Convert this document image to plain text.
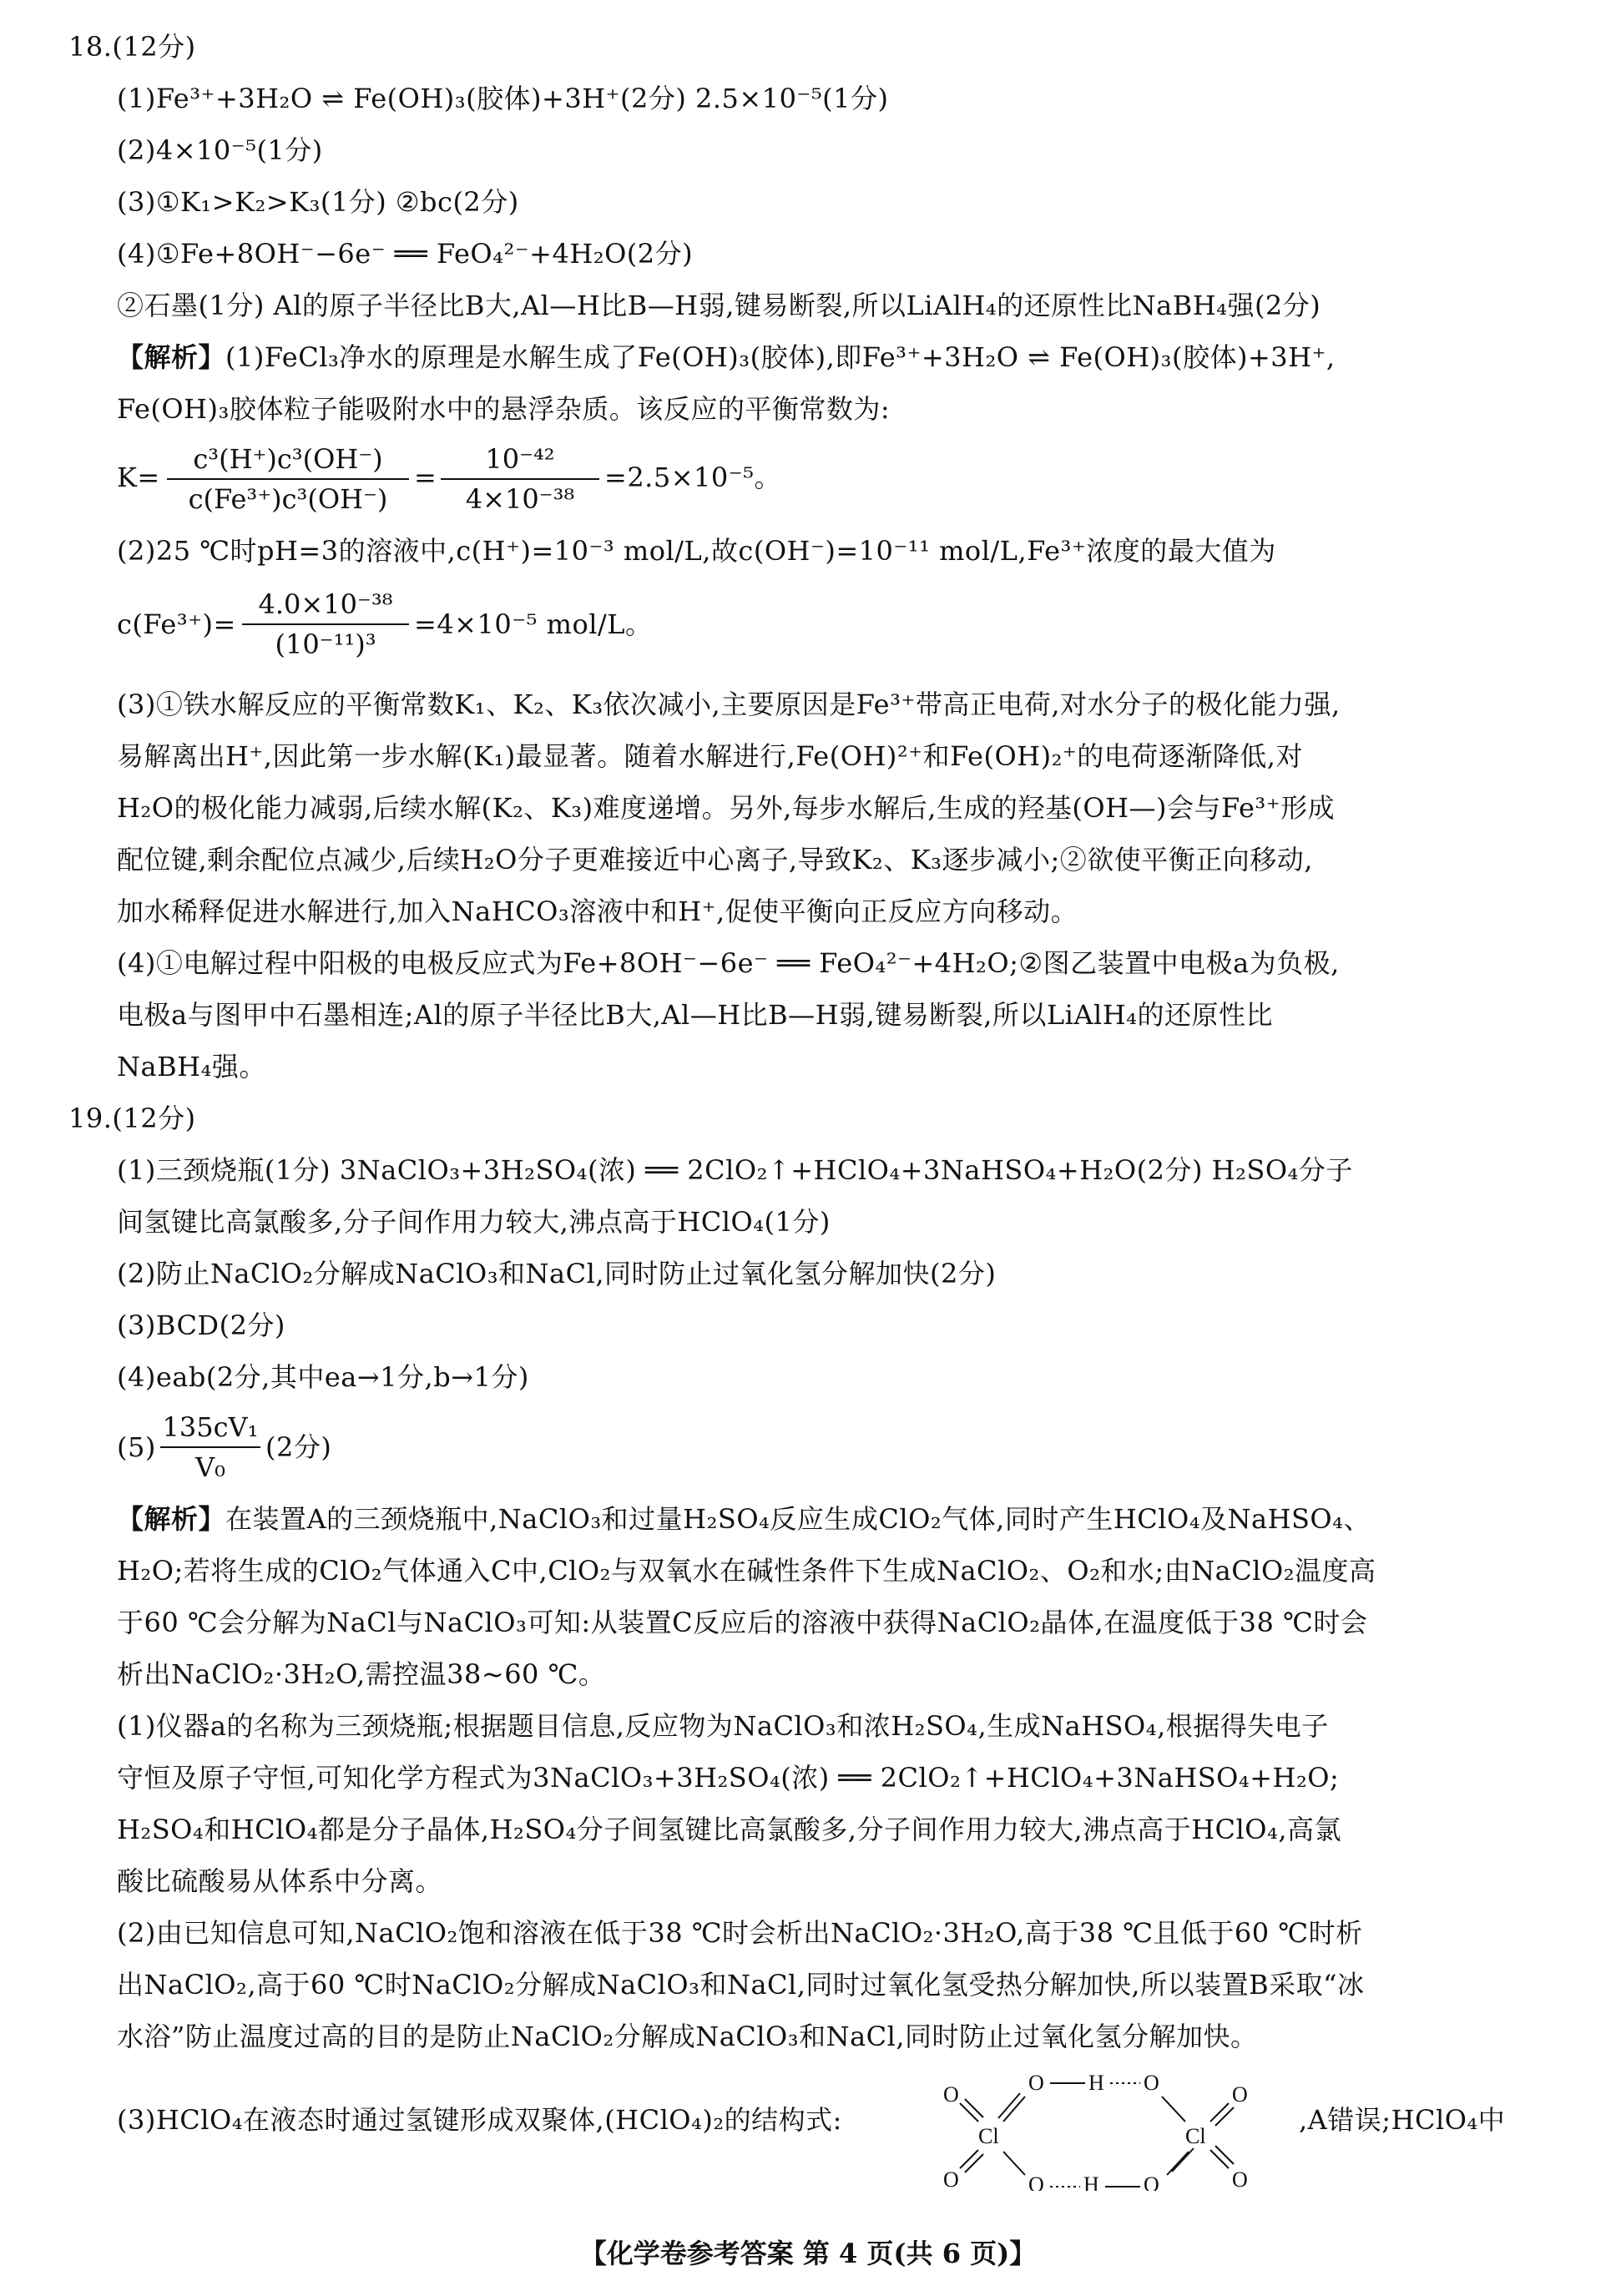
18.(12分)
(1)Fe³⁺+3H₂O ⇌ Fe(OH)₃(胶体)+3H⁺(2分) 2.5×10⁻⁵(1分)
(2)4×10⁻⁵(1分)
(3)①K₁>K₂>K₃(1分) ②bc(2分)
(4)①Fe+8OH⁻−6e⁻ ══ FeO₄²⁻+4H₂O(2分)
②石墨(1分) Al的原子半径比B大,Al—H比B—H弱,键易断裂,所以LiAlH₄的还原性比NaBH₄强(2分)
【解析】(1)FeCl₃净水的原理是水解生成了Fe(OH)₃(胶体),即Fe³⁺+3H₂O ⇌ Fe(OH)₃(胶体)+3H⁺,
Fe(OH)₃胶体粒子能吸附水中的悬浮杂质。该反应的平衡常数为:
K=
c³(H⁺)c³(OH⁻)
c(Fe³⁺)c³(OH⁻)
=
10⁻⁴²
4×10⁻³⁸
=2.5×10⁻⁵。
(2)25 ℃时pH=3的溶液中,c(H⁺)=10⁻³ mol/L,故c(OH⁻)=10⁻¹¹ mol/L,Fe³⁺浓度的最大值为
c(Fe³⁺)=
4.0×10⁻³⁸
(10⁻¹¹)³
=4×10⁻⁵ mol/L。
(3)①铁水解反应的平衡常数K₁、K₂、K₃依次减小,主要原因是Fe³⁺带高正电荷,对水分子的极化能力强,
易解离出H⁺,因此第一步水解(K₁)最显著。随着水解进行,Fe(OH)²⁺和Fe(OH)₂⁺的电荷逐渐降低,对
H₂O的极化能力减弱,后续水解(K₂、K₃)难度递增。另外,每步水解后,生成的羟基(OH—)会与Fe³⁺形成
配位键,剩余配位点减少,后续H₂O分子更难接近中心离子,导致K₂、K₃逐步减小;②欲使平衡正向移动,
加水稀释促进水解进行,加入NaHCO₃溶液中和H⁺,促使平衡向正反应方向移动。
(4)①电解过程中阳极的电极反应式为Fe+8OH⁻−6e⁻ ══ FeO₄²⁻+4H₂O;②图乙装置中电极a为负极,
电极a与图甲中石墨相连;Al的原子半径比B大,Al—H比B—H弱,键易断裂,所以LiAlH₄的还原性比
NaBH₄强。
19.(12分)
(1)三颈烧瓶(1分) 3NaClO₃+3H₂SO₄(浓) ══ 2ClO₂↑+HClO₄+3NaHSO₄+H₂O(2分) H₂SO₄分子
间氢键比高氯酸多,分子间作用力较大,沸点高于HClO₄(1分)
(2)防止NaClO₂分解成NaClO₃和NaCl,同时防止过氧化氢分解加快(2分)
(3)BCD(2分)
(4)eab(2分,其中ea→1分,b→1分)
(5)
135cV₁
V₀
(2分)
【解析】在装置A的三颈烧瓶中,NaClO₃和过量H₂SO₄反应生成ClO₂气体,同时产生HClO₄及NaHSO₄、
H₂O;若将生成的ClO₂气体通入C中,ClO₂与双氧水在碱性条件下生成NaClO₂、O₂和水;由NaClO₂温度高
于60 ℃会分解为NaCl与NaClO₃可知:从装置C反应后的溶液中获得NaClO₂晶体,在温度低于38 ℃时会
析出NaClO₂·3H₂O,需控温38~60 ℃。
(1)仪器a的名称为三颈烧瓶;根据题目信息,反应物为NaClO₃和浓H₂SO₄,生成NaHSO₄,根据得失电子
守恒及原子守恒,可知化学方程式为3NaClO₃+3H₂SO₄(浓) ══ 2ClO₂↑+HClO₄+3NaHSO₄+H₂O;
H₂SO₄和HClO₄都是分子晶体,H₂SO₄分子间氢键比高氯酸多,分子间作用力较大,沸点高于HClO₄,高氯
酸比硫酸易从体系中分离。
(2)由已知信息可知,NaClO₂饱和溶液在低于38 ℃时会析出NaClO₂·3H₂O,高于38 ℃且低于60 ℃时析
出NaClO₂,高于60 ℃时NaClO₂分解成NaClO₃和NaCl,同时过氧化氢受热分解加快,所以装置B采取“冰
水浴”防止温度过高的目的是防止NaClO₂分解成NaClO₃和NaCl,同时防止过氧化氢分解加快。
(3)HClO₄在液态时通过氢键形成双聚体,(HClO₄)₂的结构式:
O
O
Cl
O H O
O H O
Cl
O
O
,A错误;HClO₄中
【化学卷参考答案 第 4 页(共 6 页)】
